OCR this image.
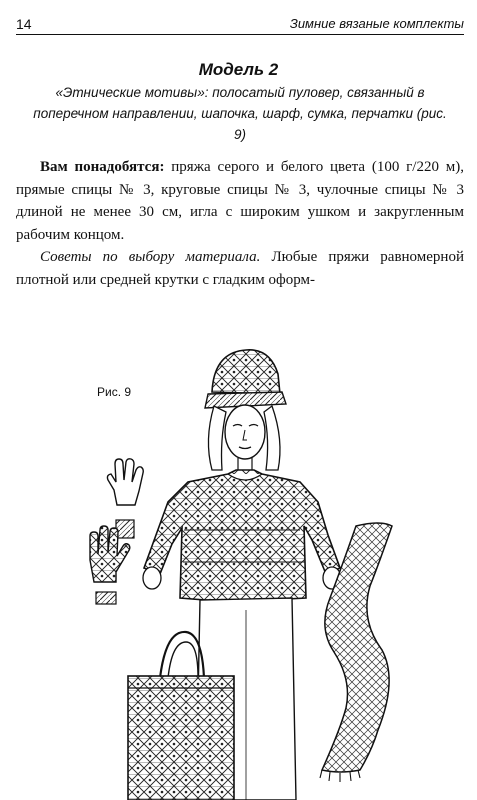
14	Зимние вязаные комплекты
Модель 2
«Этнические мотивы»: полосатый пуловер, связанный в поперечном направлении, шапочка, шарф, сумка, перчатки (рис. 9)

Вам понадобятся: пряжа серого и белого цвета (100 г/220 м), прямые спицы № 3, круговые спицы № 3, чулочные спицы № 3 длиной не менее 30 см, игла с широким ушком и закругленным рабочим концом.

Советы по выбору материала. Любые пряжи равномерной плотной или средней крутки с гладким оформ-

Рис. 9
